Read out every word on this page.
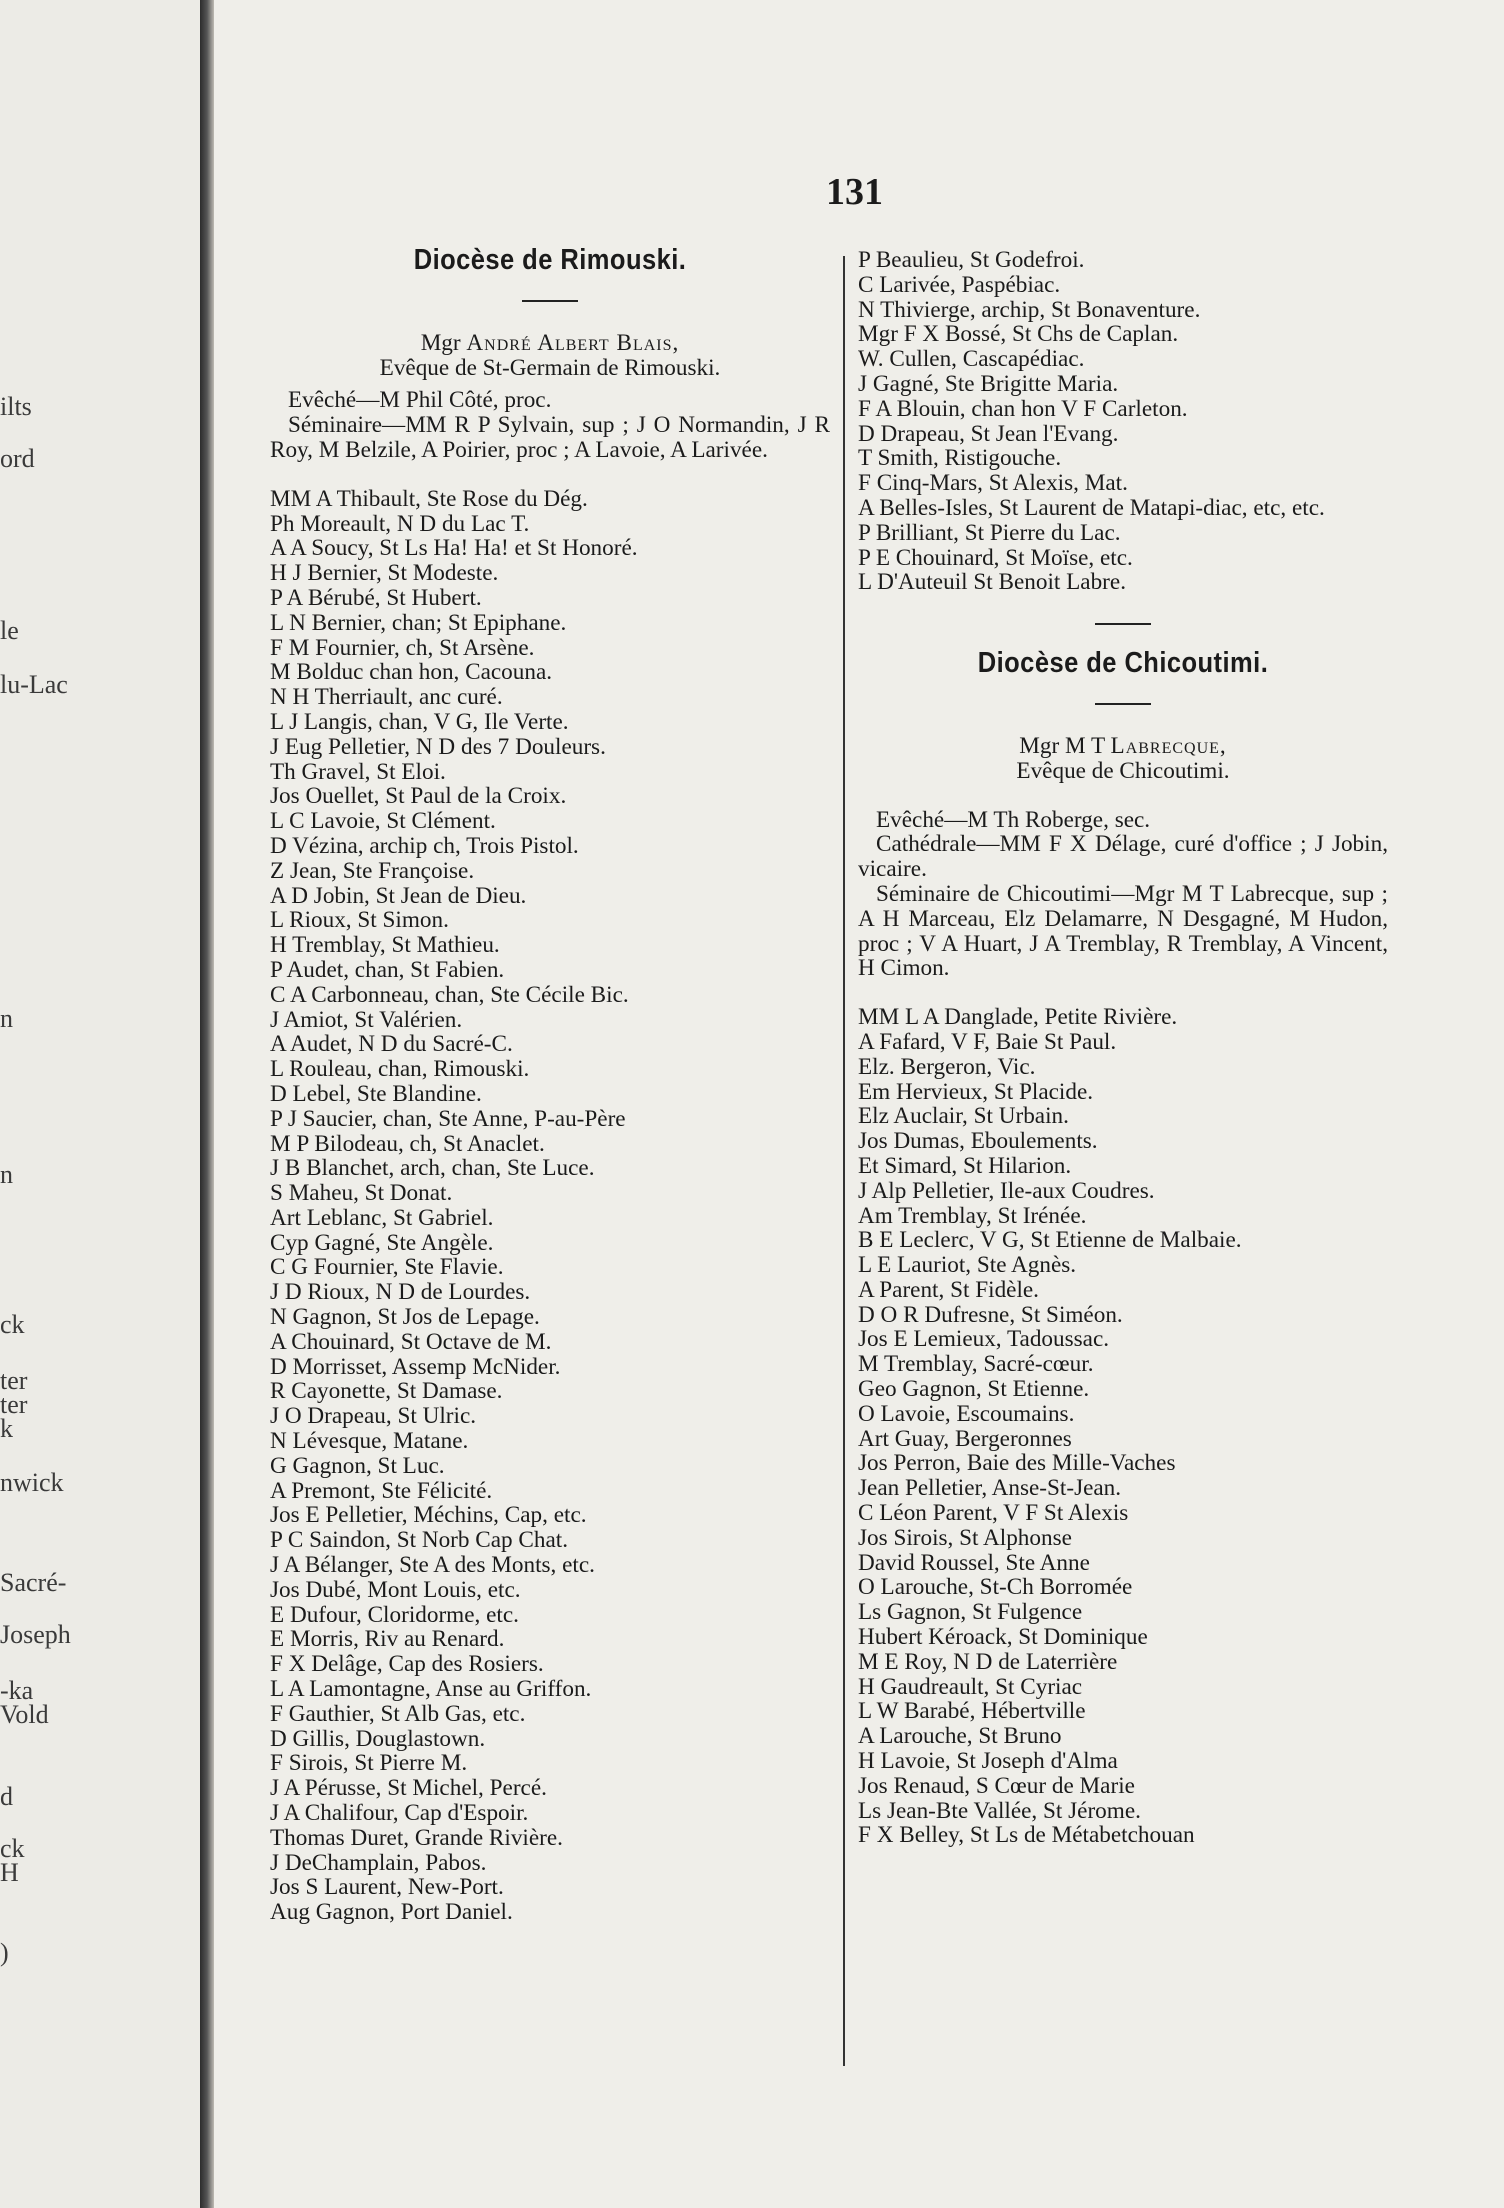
ilts
ord
le
lu-Lac
n
n
ck
ter
ter
k
nwick
Sacré-
Joseph
-ka
Vold
d
ck
H
)
131
Diocèse de Rimouski.
Mgr André Albert Blais,
Evêque de St-Germain de Rimouski.
Evêché—M Phil Côté, proc.
Séminaire—MM R P Sylvain, sup ; J O Normandin, J R Roy, M Belzile, A Poirier, proc ; A Lavoie, A Larivée.
MM A Thibault, Ste Rose du Dég.
Ph Moreault, N D du Lac T.
A A Soucy, St Ls Ha! Ha! et St Honoré.
H J Bernier, St Modeste.
P A Bérubé, St Hubert.
L N Bernier, chan; St Epiphane.
F M Fournier, ch, St Arsène.
M Bolduc chan hon, Cacouna.
N H Therriault, anc curé.
L J Langis, chan, V G, Ile Verte.
J Eug Pelletier, N D des 7 Douleurs.
Th Gravel, St Eloi.
Jos Ouellet, St Paul de la Croix.
L C Lavoie, St Clément.
D Vézina, archip ch, Trois Pistol.
Z Jean, Ste Françoise.
A D Jobin, St Jean de Dieu.
L Rioux, St Simon.
H Tremblay, St Mathieu.
P Audet, chan, St Fabien.
C A Carbonneau, chan, Ste Cécile Bic.
J Amiot, St Valérien.
A Audet, N D du Sacré-C.
L Rouleau, chan, Rimouski.
D Lebel, Ste Blandine.
P J Saucier, chan, Ste Anne, P-au-Père
M P Bilodeau, ch, St Anaclet.
J B Blanchet, arch, chan, Ste Luce.
S Mahеu, St Donat.
Art Leblanc, St Gabriel.
Cyp Gagné, Ste Angèle.
C G Fournier, Ste Flavie.
J D Rioux, N D de Lourdes.
N Gagnon, St Jos de Lepage.
A Chouinard, St Octave de M.
D Morrisset, Assemp McNider.
R Cayonette, St Damase.
J O Drapeau, St Ulric.
N Lévesque, Matane.
G Gagnon, St Luc.
A Premont, Ste Félicité.
Jos E Pelletier, Méchins, Cap, etc.
P C Saindon, St Norb Cap Chat.
J A Bélanger, Ste A des Monts, etc.
Jos Dubé, Mont Louis, etc.
E Dufour, Cloridorme, etc.
E Morris, Riv au Renard.
F X Delâge, Cap des Rosiers.
L A Lamontagne, Anse au Griffon.
F Gauthier, St Alb Gas, etc.
D Gillis, Douglastown.
F Sirois, St Pierre M.
J A Pérusse, St Michel, Percé.
J A Chalifour, Cap d'Espoir.
Thomas Duret, Grande Rivière.
J DeChamplain, Pabos.
Jos S Laurent, New-Port.
Aug Gagnon, Port Daniel.
P Beaulieu, St Godefroi.
C Larivée, Paspébiac.
N Thivierge, archip, St Bonaventure.
Mgr F X Bossé, St Chs de Caplan.
W. Cullen, Cascapédiac.
J Gagné, Ste Brigitte Maria.
F A Blouin, chan hon V F Carleton.
D Drapeau, St Jean l'Evang.
T Smith, Ristigouche.
F Cinq-Mars, St Alexis, Mat.
A Belles-Isles, St Laurent de Matapi-diac, etc, etc.
P Brilliant, St Pierre du Lac.
P E Chouinard, St Moïse, etc.
L D'Auteuil St Benoit Labre.
Diocèse de Chicoutimi.
Mgr M T Labrecque,
Evêque de Chicoutimi.
Evêché—M Th Roberge, sec.
Cathédrale—MM F X Délage, curé d'office ; J Jobin, vicaire.
Séminaire de Chicoutimi—Mgr M T Labrecque, sup ; A H Marceau, Elz Delamarre, N Desgagné, M Hudon, proc ; V A Huart, J A Tremblay, R Tremblay, A Vincent, H Cimon.
MM L A Danglade, Petite Rivière.
A Fafard, V F, Baie St Paul.
Elz. Bergeron, Vic.
Em Hervieux, St Placide.
Elz Auclair, St Urbain.
Jos Dumas, Eboulements.
Et Simard, St Hilarion.
J Alp Pelletier, Ile-aux Coudres.
Am Tremblay, St Irénée.
B E Leclerc, V G, St Etienne de Malbaie.
L E Lauriot, Ste Agnès.
A Parent, St Fidèle.
D O R Dufresne, St Siméon.
Jos E Lemieux, Tadoussac.
M Tremblay, Sacré-cœur.
Geo Gagnon, St Etienne.
O Lavoie, Escoumains.
Art Guay, Bergeronnes
Jos Perron, Baie des Mille-Vaches
Jean Pelletier, Anse-St-Jean.
C Léon Parent, V F St Alexis
Jos Sirois, St Alphonse
David Roussel, Ste Anne
O Larouche, St-Ch Borromée
Ls Gagnon, St Fulgence
Hubert Kéroack, St Dominique
M E Roy, N D de Laterrière
H Gaudreault, St Cyriac
L W Barabé, Hébertville
A Larouche, St Bruno
H Lavoie, St Joseph d'Alma
Jos Renaud, S Cœur de Marie
Ls Jean-Bte Vallée, St Jérome.
F X Belley, St Ls de Métabetchouan
